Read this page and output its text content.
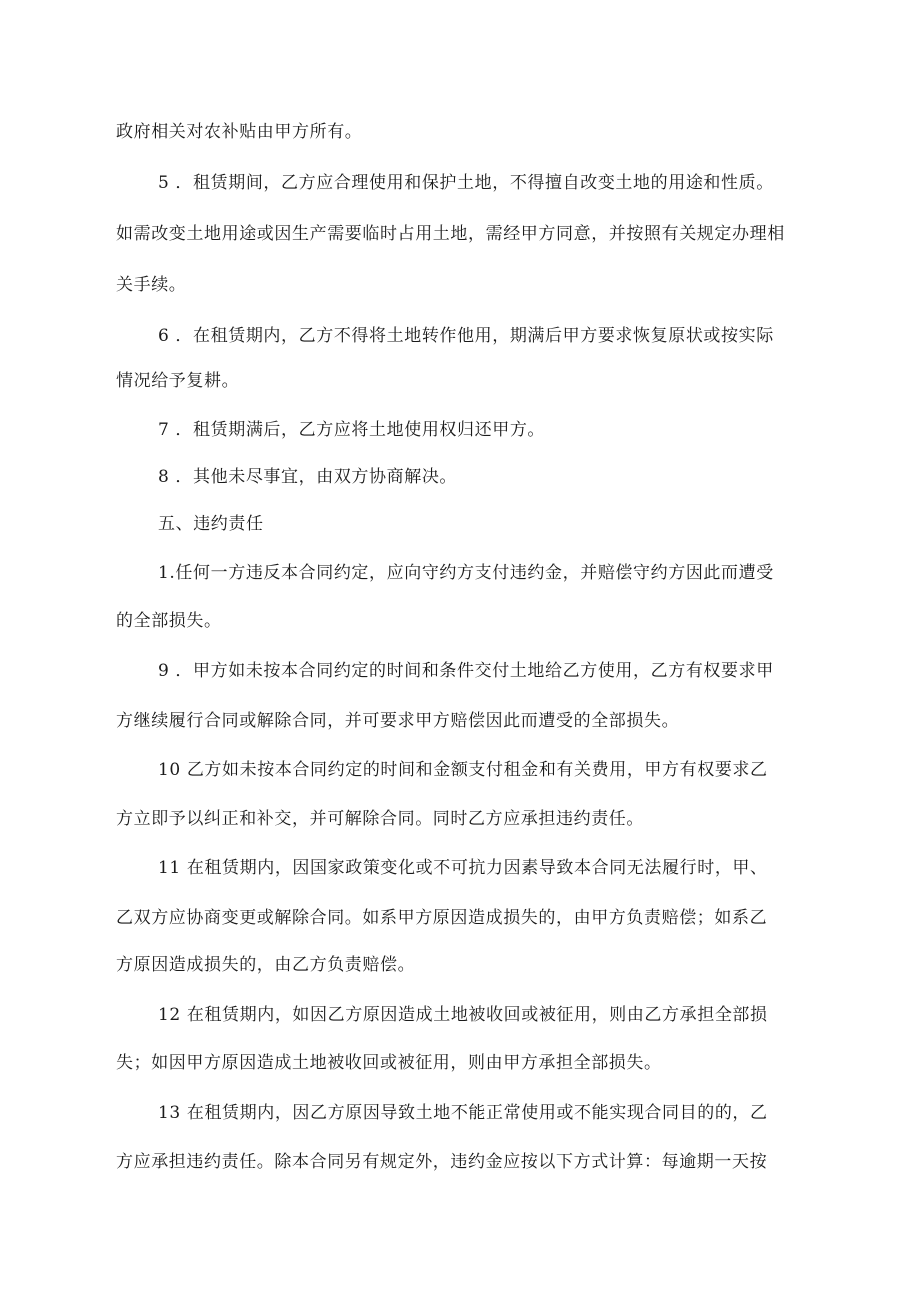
政府相关对农补贴由甲方所有。
5 ．租赁期间，乙方应合理使用和保护土地，不得擅自改变土地的用途和性质。
如需改变土地用途或因生产需要临时占用土地，需经甲方同意，并按照有关规定办理相
关手续。
6 ．在租赁期内，乙方不得将土地转作他用，期满后甲方要求恢复原状或按实际
情况给予复耕。
7 ．租赁期满后，乙方应将土地使用权归还甲方。
8 ．其他未尽事宜，由双方协商解决。
五、违约责任
1.任何一方违反本合同约定，应向守约方支付违约金，并赔偿守约方因此而遭受
的全部损失。
9 ．甲方如未按本合同约定的时间和条件交付土地给乙方使用，乙方有权要求甲
方继续履行合同或解除合同，并可要求甲方赔偿因此而遭受的全部损失。
10 乙方如未按本合同约定的时间和金额支付租金和有关费用，甲方有权要求乙
方立即予以纠正和补交，并可解除合同。同时乙方应承担违约责任。
11 在租赁期内，因国家政策变化或不可抗力因素导致本合同无法履行时，甲、
乙双方应协商变更或解除合同。如系甲方原因造成损失的，由甲方负责赔偿；如系乙
方原因造成损失的，由乙方负责赔偿。
12 在租赁期内，如因乙方原因造成土地被收回或被征用，则由乙方承担全部损
失；如因甲方原因造成土地被收回或被征用，则由甲方承担全部损失。
13 在租赁期内，因乙方原因导致土地不能正常使用或不能实现合同目的的，乙
方应承担违约责任。除本合同另有规定外，违约金应按以下方式计算：每逾期一天按
